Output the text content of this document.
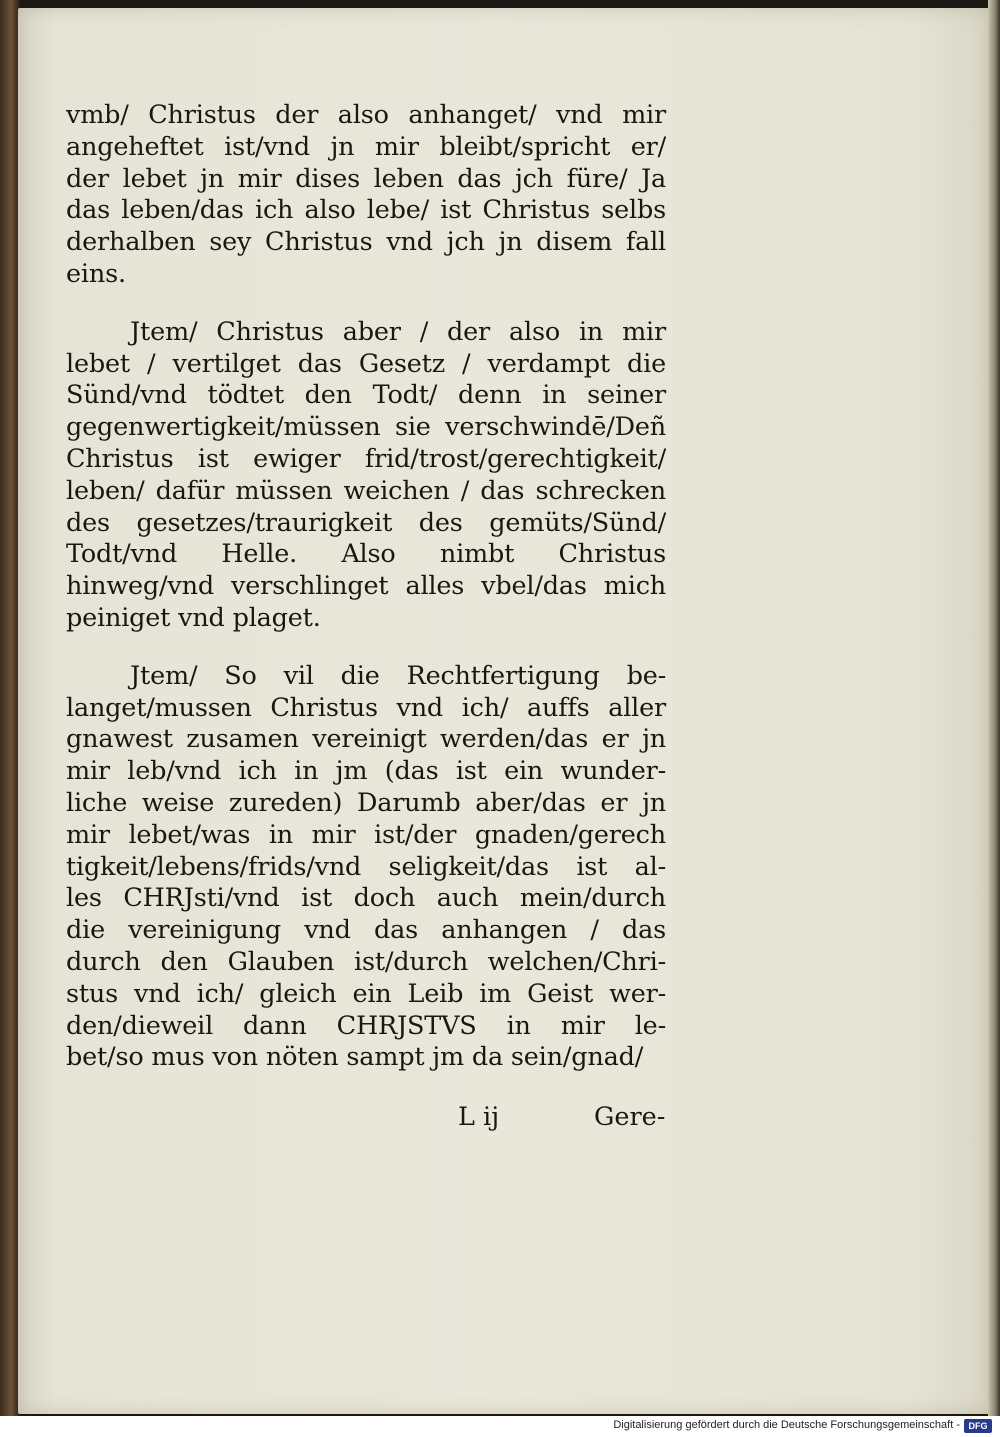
vmb/ Christus der also anhanget/ vnd mir
angeheftet ist/vnd jn mir bleibt/spricht er/
der lebet jn mir dises leben das jch füre/ Ja
das leben/das ich also lebe/ ist Christus selbs
derhalben sey Christus vnd jch jn disem fall
eins.
Jtem/ Christus aber / der also in mir
lebet / vertilget das Gesetz / verdampt die
Sünd/vnd tödtet den Todt/ denn in seiner
gegenwertigkeit/müssen sie verschwindē/Deñ
Christus ist ewiger frid/trost/gerechtigkeit/
leben/ dafür müssen weichen / das schrecken
des gesetzes/traurigkeit des gemüts/Sünd/
Todt/vnd Helle. Also nimbt Christus
hinweg/vnd verschlinget alles vbel/das mich
peiniget vnd plaget.
Jtem/ So vil die Rechtfertigung be-
langet/mussen Christus vnd ich/ auffs aller
gnawest zusamen vereinigt werden/das er jn
mir leb/vnd ich in jm (das ist ein wunder-
liche weise zureden) Darumb aber/das er jn
mir lebet/was in mir ist/der gnaden/gerech
tigkeit/lebens/frids/vnd seligkeit/das ist al-
les CHRJsti/vnd ist doch auch mein/durch
die vereinigung vnd das anhangen / das
durch den Glauben ist/durch welchen/Chri-
stus vnd ich/ gleich ein Leib im Geist wer-
den/dieweil dann CHRJSTVS in mir le-
bet/so mus von nöten sampt jm da sein/gnad/
L ij	Gere-
Digitalisierung gefördert durch die Deutsche Forschungsgemeinschaft - DFG
